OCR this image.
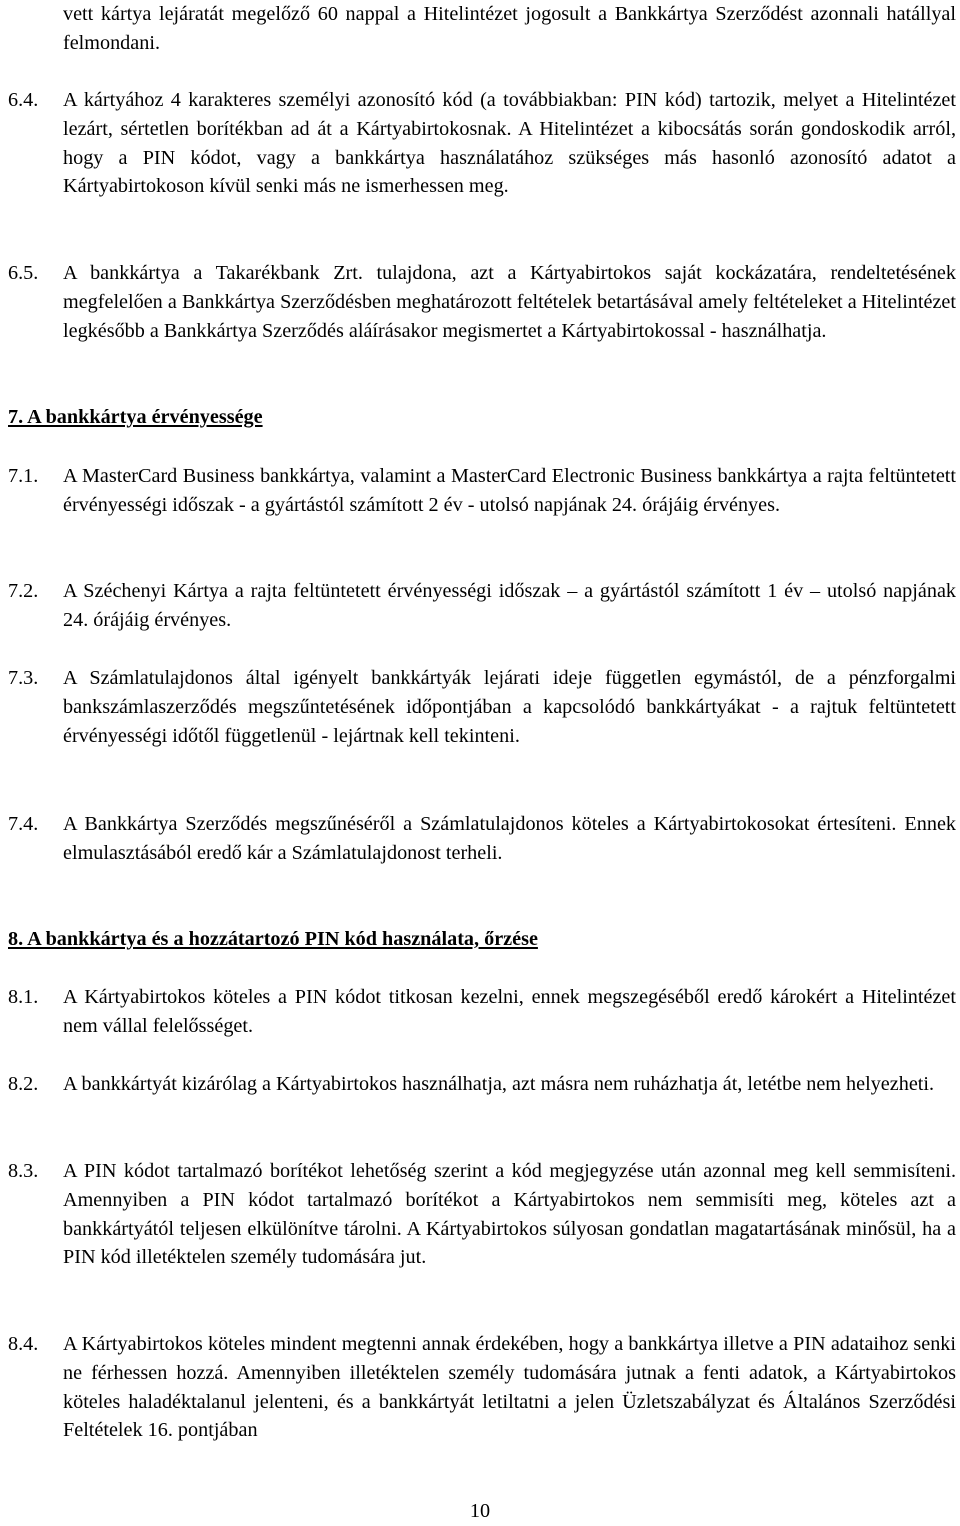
vett kártya lejáratát megelőző 60 nappal a Hitelintézet jogosult a Bankkártya Szerződést azonnali hatállyal felmondani.

6.4.	A kártyához 4 karakteres személyi azonosító kód (a továbbiakban: PIN kód) tartozik, melyet a Hitelintézet lezárt, sértetlen borítékban ad át a Kártyabirtokosnak. A Hitelintézet a kibocsátás során gondoskodik arról, hogy a PIN kódot, vagy a bankkártya használatához szükséges más hasonló azonosító adatot a Kártyabirtokoson kívül senki más ne ismerhessen meg.
6.5.	A bankkártya a Takarékbank Zrt. tulajdona, azt a Kártyabirtokos saját kockázatára, rendeltetésének megfelelően a Bankkártya Szerződésben meghatározott feltételek betartásával amely feltételeket a Hitelintézet legkésőbb a Bankkártya Szerződés aláírásakor megismertet a Kártyabirtokossal - használhatja.
7. A bankkártya érvényessége
7.1.	A MasterCard Business bankkártya, valamint a MasterCard Electronic Business bankkártya a rajta feltüntetett érvényességi időszak - a gyártástól számított 2 év - utolsó napjának 24. órájáig érvényes.
7.2.	A Széchenyi Kártya a rajta feltüntetett érvényességi időszak – a gyártástól számított 1 év – utolsó napjának 24. órájáig érvényes.
7.3.	A Számlatulajdonos által igényelt bankkártyák lejárati ideje független egymástól, de a pénzforgalmi bankszámlaszerződés megszűntetésének időpontjában a kapcsolódó bankkártyákat - a rajtuk feltüntetett érvényességi időtől függetlenül - lejártnak kell tekinteni.
7.4.	A Bankkártya Szerződés megszűnéséről a Számlatulajdonos köteles a Kártyabirtokosokat értesíteni. Ennek elmulasztásából eredő kár a Számlatulajdonost terheli.
8. A bankkártya és a hozzátartozó PIN kód használata, őrzése
8.1.	A Kártyabirtokos köteles a PIN kódot titkosan kezelni, ennek megszegéséből eredő károkért a Hitelintézet nem vállal felelősséget.
8.2.	A bankkártyát kizárólag a Kártyabirtokos használhatja, azt másra nem ruházhatja át, letétbe nem helyezheti.
8.3.	A PIN kódot tartalmazó borítékot lehetőség szerint a kód megjegyzése után azonnal meg kell semmisíteni. Amennyiben a PIN kódot tartalmazó borítékot a Kártyabirtokos nem semmisíti meg, köteles azt a bankkártyától teljesen elkülönítve tárolni. A Kártyabirtokos súlyosan gondatlan magatartásának minősül, ha a PIN kód illetéktelen személy tudomására jut.
8.4.	A Kártyabirtokos köteles mindent megtenni annak érdekében, hogy a bankkártya illetve a PIN adataihoz senki ne férhessen hozzá. Amennyiben illetéktelen személy tudomására jutnak a fenti adatok, a Kártyabirtokos köteles haladéktalanul jelenteni, és a bankkártyát letiltatni a jelen Üzletszabályzat és Általános Szerződési Feltételek 16. pontjában
10
